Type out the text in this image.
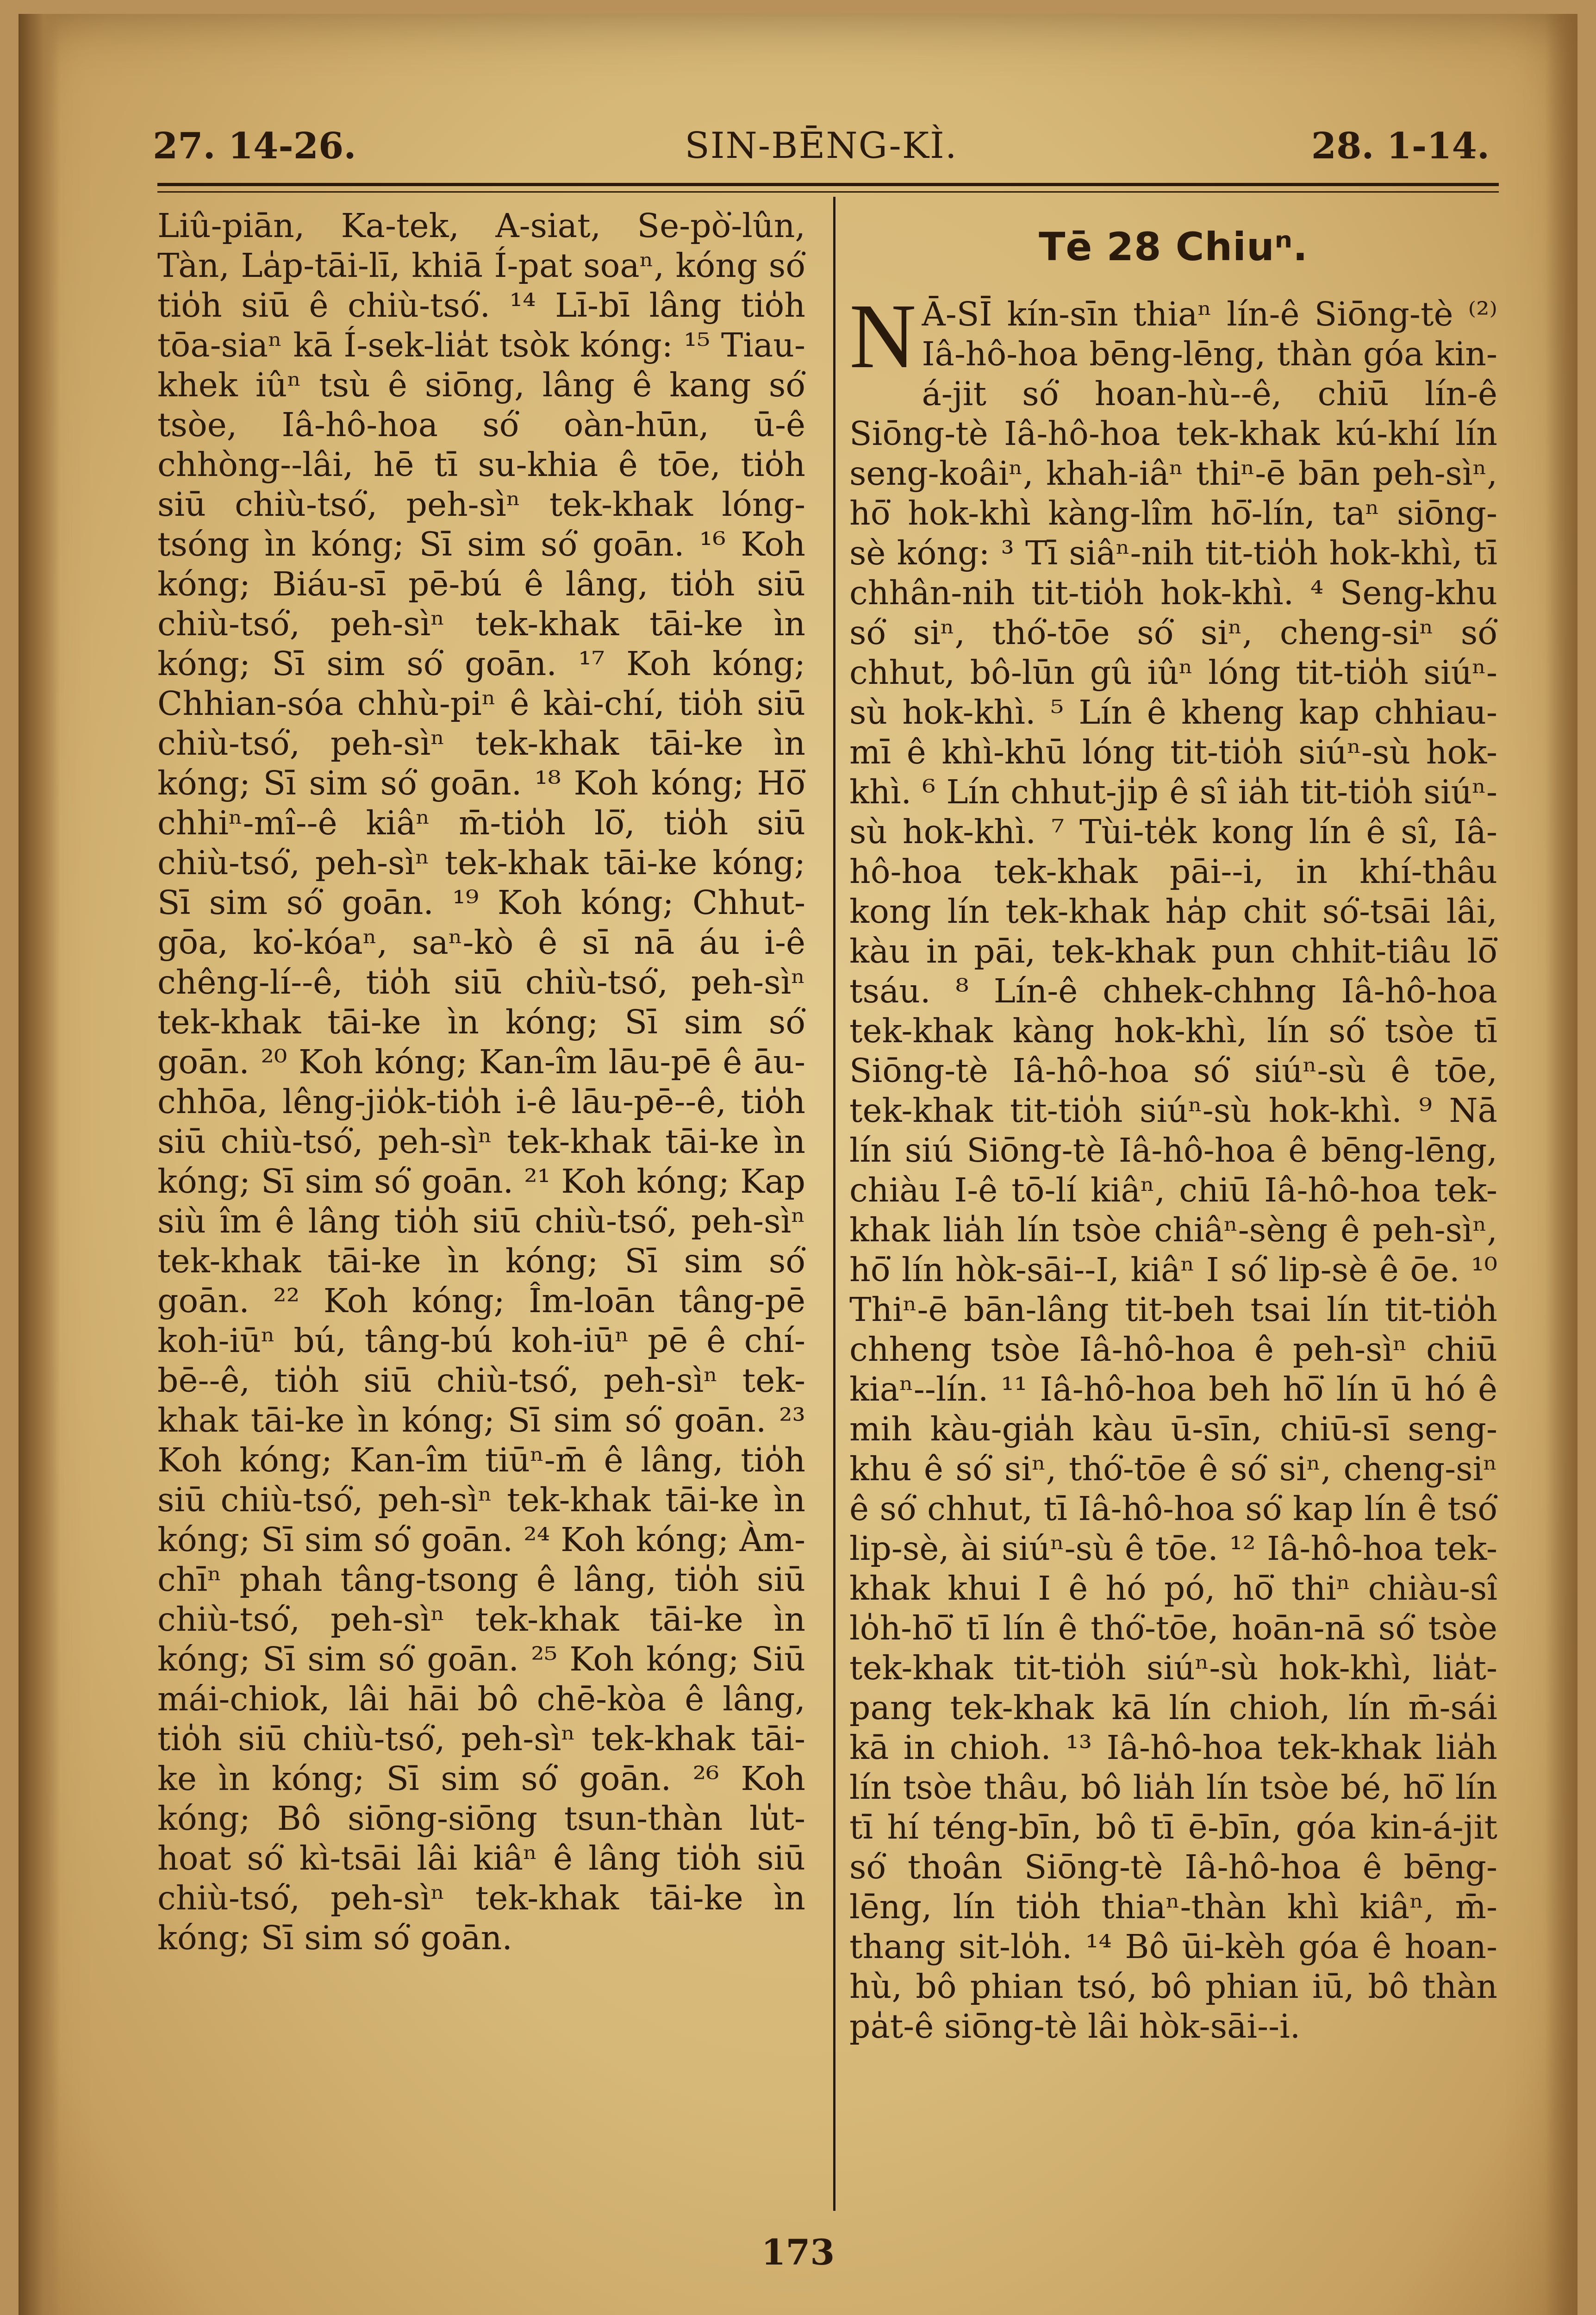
27. 14-26.	SIN-BĒNG-KÌ.	28. 1-14.

Liû-piān, Ka-tek, A-siat, Se-pò͘-lûn, Tàn, La̍p-tāi-lī, khiā Í-pat soaⁿ, kóng só͘ tio̍h siū ê chiù-tsó͘. ¹⁴ Lī-bī lâng tio̍h tōa-siaⁿ kā Í-sek-lia̍t tsòk kóng: ¹⁵ Tiau-khek iûⁿ tsù ê siōng, lâng ê kang só͘ tsòe, Iâ-hô-hoa só͘ oàn-hūn, ū-ê chhòng--lâi, hē tī su-khia ê tōe, tio̍h siū chiù-tsó͘, peh-sìⁿ tek-khak lóng-tsóng ìn kóng; Sī sim só͘ goān. ¹⁶ Koh kóng; Biáu-sī pē-bú ê lâng, tio̍h siū chiù-tsó͘, peh-sìⁿ tek-khak tāi-ke ìn kóng; Sī sim só͘ goān. ¹⁷ Koh kóng; Chhian-sóa chhù-piⁿ ê kài-chí, tio̍h siū chiù-tsó͘, peh-sìⁿ tek-khak tāi-ke ìn kóng; Sī sim só͘ goān. ¹⁸ Koh kóng; Hō͘ chhiⁿ-mî--ê kiâⁿ m̄-tio̍h lō͘, tio̍h siū chiù-tsó͘, peh-sìⁿ tek-khak tāi-ke kóng; Sī sim só͘ goān. ¹⁹ Koh kóng; Chhut-gōa, ko͘-kóaⁿ, saⁿ-kò ê sī nā áu i-ê chêng-lí--ê, tio̍h siū chiù-tsó͘, peh-sìⁿ tek-khak tāi-ke ìn kóng; Sī sim só͘ goān. ²⁰ Koh kóng; Kan-îm lāu-pē ê āu-chhōa, lêng-jio̍k-tio̍h i-ê lāu-pē--ê, tio̍h siū chiù-tsó͘, peh-sìⁿ tek-khak tāi-ke ìn kóng; Sī sim só͘ goān. ²¹ Koh kóng; Kap siù îm ê lâng tio̍h siū chiù-tsó͘, peh-sìⁿ tek-khak tāi-ke ìn kóng; Sī sim só͘ goān. ²² Koh kóng; Îm-loān tâng-pē koh-iūⁿ bú, tâng-bú koh-iūⁿ pē ê chí-bē--ê, tio̍h siū chiù-tsó͘, peh-sìⁿ tek-khak tāi-ke ìn kóng; Sī sim só͘ goān. ²³ Koh kóng; Kan-îm tiūⁿ-m̄ ê lâng, tio̍h siū chiù-tsó͘, peh-sìⁿ tek-khak tāi-ke ìn kóng; Sī sim só͘ goān. ²⁴ Koh kóng; Àm-chīⁿ phah tâng-tsong ê lâng, tio̍h siū chiù-tsó͘, peh-sìⁿ tek-khak tāi-ke ìn kóng; Sī sim só͘ goān. ²⁵ Koh kóng; Siū mái-chiok, lâi hāi bô chē-kòa ê lâng, tio̍h siū chiù-tsó͘, peh-sìⁿ tek-khak tāi-ke ìn kóng; Sī sim só͘ goān. ²⁶ Koh kóng; Bô siōng-siōng tsun-thàn lu̍t-hoat só͘ kì-tsāi lâi kiâⁿ ê lâng tio̍h siū chiù-tsó͘, peh-sìⁿ tek-khak tāi-ke ìn kóng; Sī sim só͘ goān.

Tē 28 Chiuⁿ.

N Ā-SĪ kín-sīn thiaⁿ lín-ê Siōng-tè ⁽²⁾ Iâ-hô-hoa bēng-lēng, thàn góa kin-á-jit só͘ hoan-hù--ê, chiū lín-ê Siōng-tè Iâ-hô-hoa tek-khak kú-khí lín seng-koâiⁿ, khah-iâⁿ thiⁿ-ē bān peh-sìⁿ, hō͘ hok-khì kàng-lîm hō͘-lín, taⁿ siōng-sè kóng: ³ Tī siâⁿ-nih tit-tio̍h hok-khì, tī chhân-nih tit-tio̍h hok-khì. ⁴ Seng-khu só͘ siⁿ, thó͘-tōe só͘ siⁿ, cheng-siⁿ só͘ chhut, bô-lūn gû iûⁿ lóng tit-tio̍h siúⁿ-sù hok-khì. ⁵ Lín ê kheng kap chhiau-mī ê khì-khū lóng tit-tio̍h siúⁿ-sù hok-khì. ⁶ Lín chhut-ji̍p ê sî ia̍h tit-tio̍h siúⁿ-sù hok-khì. ⁷ Tùi-te̍k kong lín ê sî, Iâ-hô-hoa tek-khak pāi--i, in khí-thâu kong lín tek-khak ha̍p chit só͘-tsāi lâi, kàu in pāi, tek-khak pun chhit-tiâu lō͘ tsáu. ⁸ Lín-ê chhek-chhng Iâ-hô-hoa tek-khak kàng hok-khì, lín só͘ tsòe tī Siōng-tè Iâ-hô-hoa só͘ siúⁿ-sù ê tōe, tek-khak tit-tio̍h siúⁿ-sù hok-khì. ⁹ Nā lín siú Siōng-tè Iâ-hô-hoa ê bēng-lēng, chiàu I-ê tō-lí kiâⁿ, chiū Iâ-hô-hoa tek-khak lia̍h lín tsòe chiâⁿ-sèng ê peh-sìⁿ, hō͘ lín hòk-sāi--I, kiâⁿ I só͘ lip-sè ê ōe. ¹⁰ Thiⁿ-ē bān-lâng tit-beh tsai lín tit-tio̍h chheng tsòe Iâ-hô-hoa ê peh-sìⁿ chiū kiaⁿ--lín. ¹¹ Iâ-hô-hoa beh hō͘ lín ū hó ê mih kàu-gia̍h kàu ū-sīn, chiū-sī seng-khu ê só͘ siⁿ, thó͘-tōe ê só͘ siⁿ, cheng-siⁿ ê só͘ chhut, tī Iâ-hô-hoa só͘ kap lín ê tsó͘ lip-sè, ài siúⁿ-sù ê tōe. ¹² Iâ-hô-hoa tek-khak khui I ê hó pó, hō͘ thiⁿ chiàu-sî lo̍h-hō͘ tī lín ê thó͘-tōe, hoān-nā só͘ tsòe tek-khak tit-tio̍h siúⁿ-sù hok-khì, lia̍t-pang tek-khak kā lín chioh, lín m̄-sái kā in chioh. ¹³ Iâ-hô-hoa tek-khak lia̍h lín tsòe thâu, bô lia̍h lín tsòe bé, hō͘ lín tī hí téng-bīn, bô tī ē-bīn, góa kin-á-jit só͘ thoân Siōng-tè Iâ-hô-hoa ê bēng-lēng, lín tio̍h thiaⁿ-thàn khì kiâⁿ, m̄-thang sit-lo̍h. ¹⁴ Bô ūi-kèh góa ê hoan-hù, bô phian tsó, bô phian iū, bô thàn pa̍t-ê siōng-tè lâi hòk-sāi--i.

173
